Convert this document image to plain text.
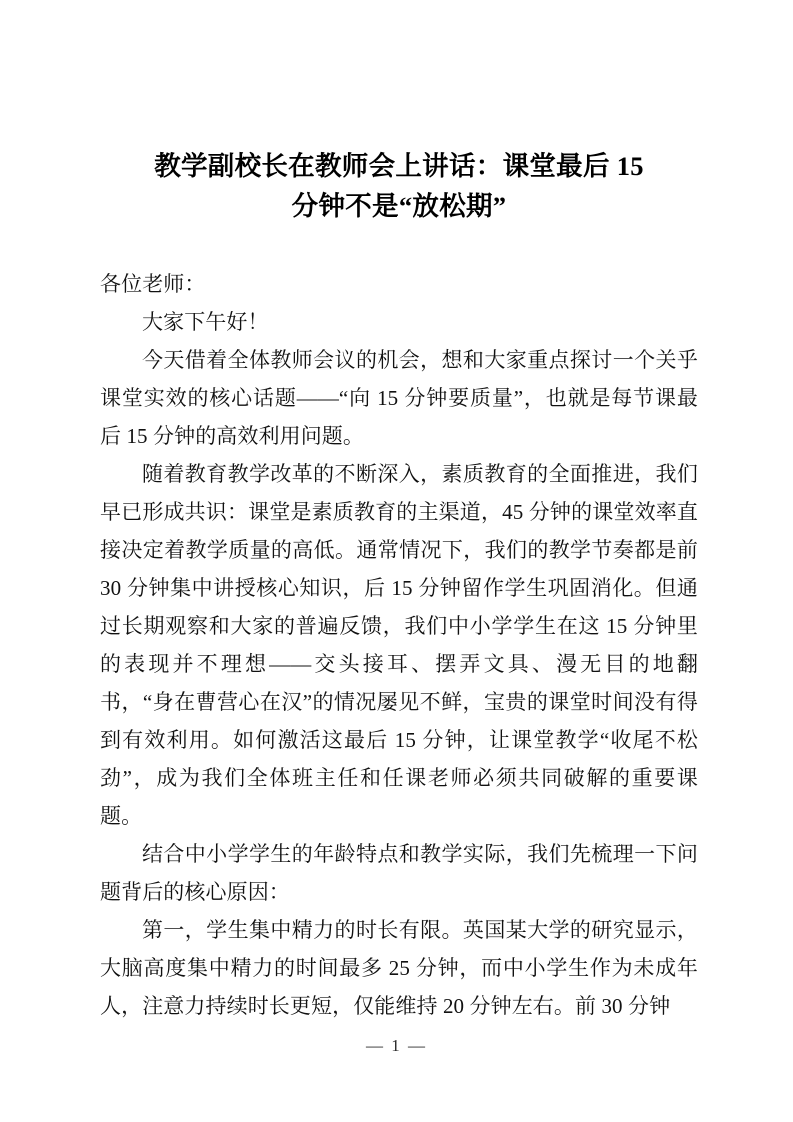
教学副校长在教师会上讲话：课堂最后 15
分钟不是“放松期”

各位老师：

大家下午好！

今天借着全体教师会议的机会，想和大家重点探讨一个关乎课堂实效的核心话题——“向 15 分钟要质量”，也就是每节课最后 15 分钟的高效利用问题。

随着教育教学改革的不断深入，素质教育的全面推进，我们早已形成共识：课堂是素质教育的主渠道，45 分钟的课堂效率直接决定着教学质量的高低。通常情况下，我们的教学节奏都是前 30 分钟集中讲授核心知识，后 15 分钟留作学生巩固消化。但通过长期观察和大家的普遍反馈，我们中小学学生在这 15 分钟里的表现并不理想——交头接耳、摆弄文具、漫无目的地翻书，“身在曹营心在汉”的情况屡见不鲜，宝贵的课堂时间没有得到有效利用。如何激活这最后 15 分钟，让课堂教学“收尾不松劲”，成为我们全体班主任和任课老师必须共同破解的重要课题。

结合中小学学生的年龄特点和教学实际，我们先梳理一下问题背后的核心原因：

第一，学生集中精力的时长有限。英国某大学的研究显示，大脑高度集中精力的时间最多 25 分钟，而中小学生作为未成年人，注意力持续时长更短，仅能维持 20 分钟左右。前 30 分钟

— 1 —
